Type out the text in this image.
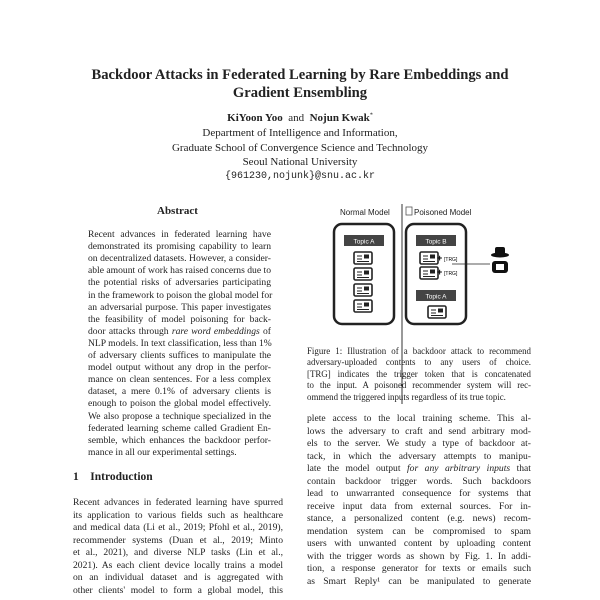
Backdoor Attacks in Federated Learning by Rare Embeddings and
Gradient Ensembling
KiYoon Yoo and Nojun Kwak*
Department of Intelligence and Information,
Graduate School of Convergence Science and Technology
Seoul National University
{961230,nojunk}@snu.ac.kr
Abstract
Recent advances in federated learning have
demonstrated its promising capability to learn
on decentralized datasets. However, a consider-
able amount of work has raised concerns due to
the potential risks of adversaries participating
in the framework to poison the global model for
an adversarial purpose. This paper investigates
the feasibility of model poisoning for back-
door attacks through rare word embeddings of
NLP models. In text classification, less than 1%
of adversary clients suffices to manipulate the
model output without any drop in the perfor-
mance on clean sentences. For a less complex
dataset, a mere 0.1% of adversary clients is
enough to poison the global model effectively.
We also propose a technique specialized in the
federated learning scheme called Gradient En-
semble, which enhances the backdoor perfor-
mance in all our experimental settings.
1 Introduction
Recent advances in federated learning have spurred
its application to various fields such as healthcare
and medical data (Li et al., 2019; Pfohl et al., 2019),
recommender systems (Duan et al., 2019; Minto
et al., 2021), and diverse NLP tasks (Lin et al.,
2021). As each client device locally trains a model
on an individual dataset and is aggregated with
other clients' model to form a global model, this
Normal Model	Poisoned Model
Topic A	Topic B
Topic A
+ [TRG]
+ [TRG]
Figure 1: Illustration of a backdoor attack to recommend
adversary-uploaded contents to any users of choice.
[TRG] indicates the trigger token that is concatenated
to the input. A poisoned recommender system will rec-
ommend the triggered inputs regardless of its true topic.
plete access to the local training scheme. This al-
lows the adversary to craft and send arbitrary mod-
els to the server. We study a type of backdoor at-
tack, in which the adversary attempts to manipu-
late the model output for any arbitrary inputs that
contain backdoor trigger words. Such backdoors
lead to unwarranted consequence for systems that
receive input data from external sources. For in-
stance, a personalized content (e.g. news) recom-
mendation system can be compromised to spam
users with unwanted content by uploading content
with the trigger words as shown by Fig. 1. In addi-
tion, a response generator for texts or emails such
as Smart Reply¹ can be manipulated to generate
